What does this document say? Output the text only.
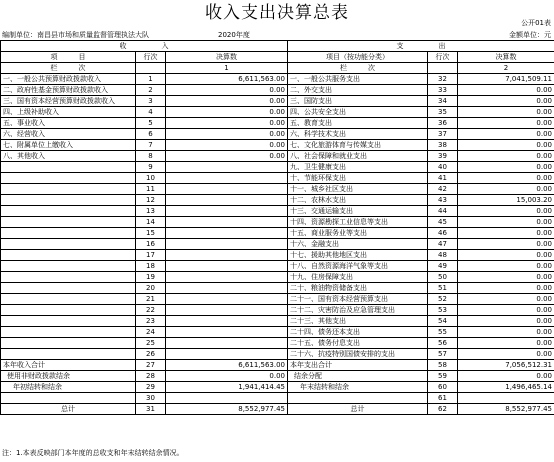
收入支出决算总表	公开01表
编制单位：南昌县市场和质量监督管理执法大队	2020年度	金额单位：元
收　　　　　入			支　　　　　出		
项　　　目	行次	决算数	项目（按功能分类）	行次	决算数
栏　　　次		1	栏　　　次		2
一、一般公共预算财政拨款收入	1	6,611,563.00	一、一般公共服务支出	32	7,041,509.11
二、政府性基金预算财政拨款收入	2	0.00	二、外交支出	33	0.00
三、国有资本经营预算财政拨款收入	3	0.00	三、国防支出	34	0.00
四、上级补助收入	4	0.00	四、公共安全支出	35	0.00
五、事业收入	5	0.00	五、教育支出	36	0.00
六、经营收入	6	0.00	六、科学技术支出	37	0.00
七、附属单位上缴收入	7	0.00	七、文化旅游体育与传媒支出	38	0.00
八、其他收入	8	0.00	八、社会保障和就业支出	39	0.00
	9		九、卫生健康支出	40	0.00
	10		十、节能环保支出	41	0.00
	11		十一、城乡社区支出	42	0.00
	12		十二、农林水支出	43	15,003.20
	13		十三、交通运输支出	44	0.00
	14		十四、资源勘探工业信息等支出	45	0.00
	15		十五、商业服务业等支出	46	0.00
	16		十六、金融支出	47	0.00
	17		十七、援助其他地区支出	48	0.00
	18		十八、自然资源海洋气象等支出	49	0.00
	19		十九、住房保障支出	50	0.00
	20		二十、粮油物资储备支出	51	0.00
	21		二十一、国有资本经营预算支出	52	0.00
	22		二十二、灾害防治及应急管理支出	53	0.00
	23		二十三、其他支出	54	0.00
	24		二十四、债务还本支出	55	0.00
	25		二十五、债务付息支出	56	0.00
	26		二十六、抗疫特别国债安排的支出	57	0.00
本年收入合计	27	6,611,563.00	本年支出合计	58	7,056,512.31
使用非财政拨款结余	28	0.00	结余分配	59	0.00
年初结转和结余	29	1,941,414.45	年末结转和结余	60	1,496,465.14
	30			61	
总计	31	8,552,977.45	总计	62	8,552,977.45
注：1.本表反映部门本年度的总收支和年末结转结余情况。
